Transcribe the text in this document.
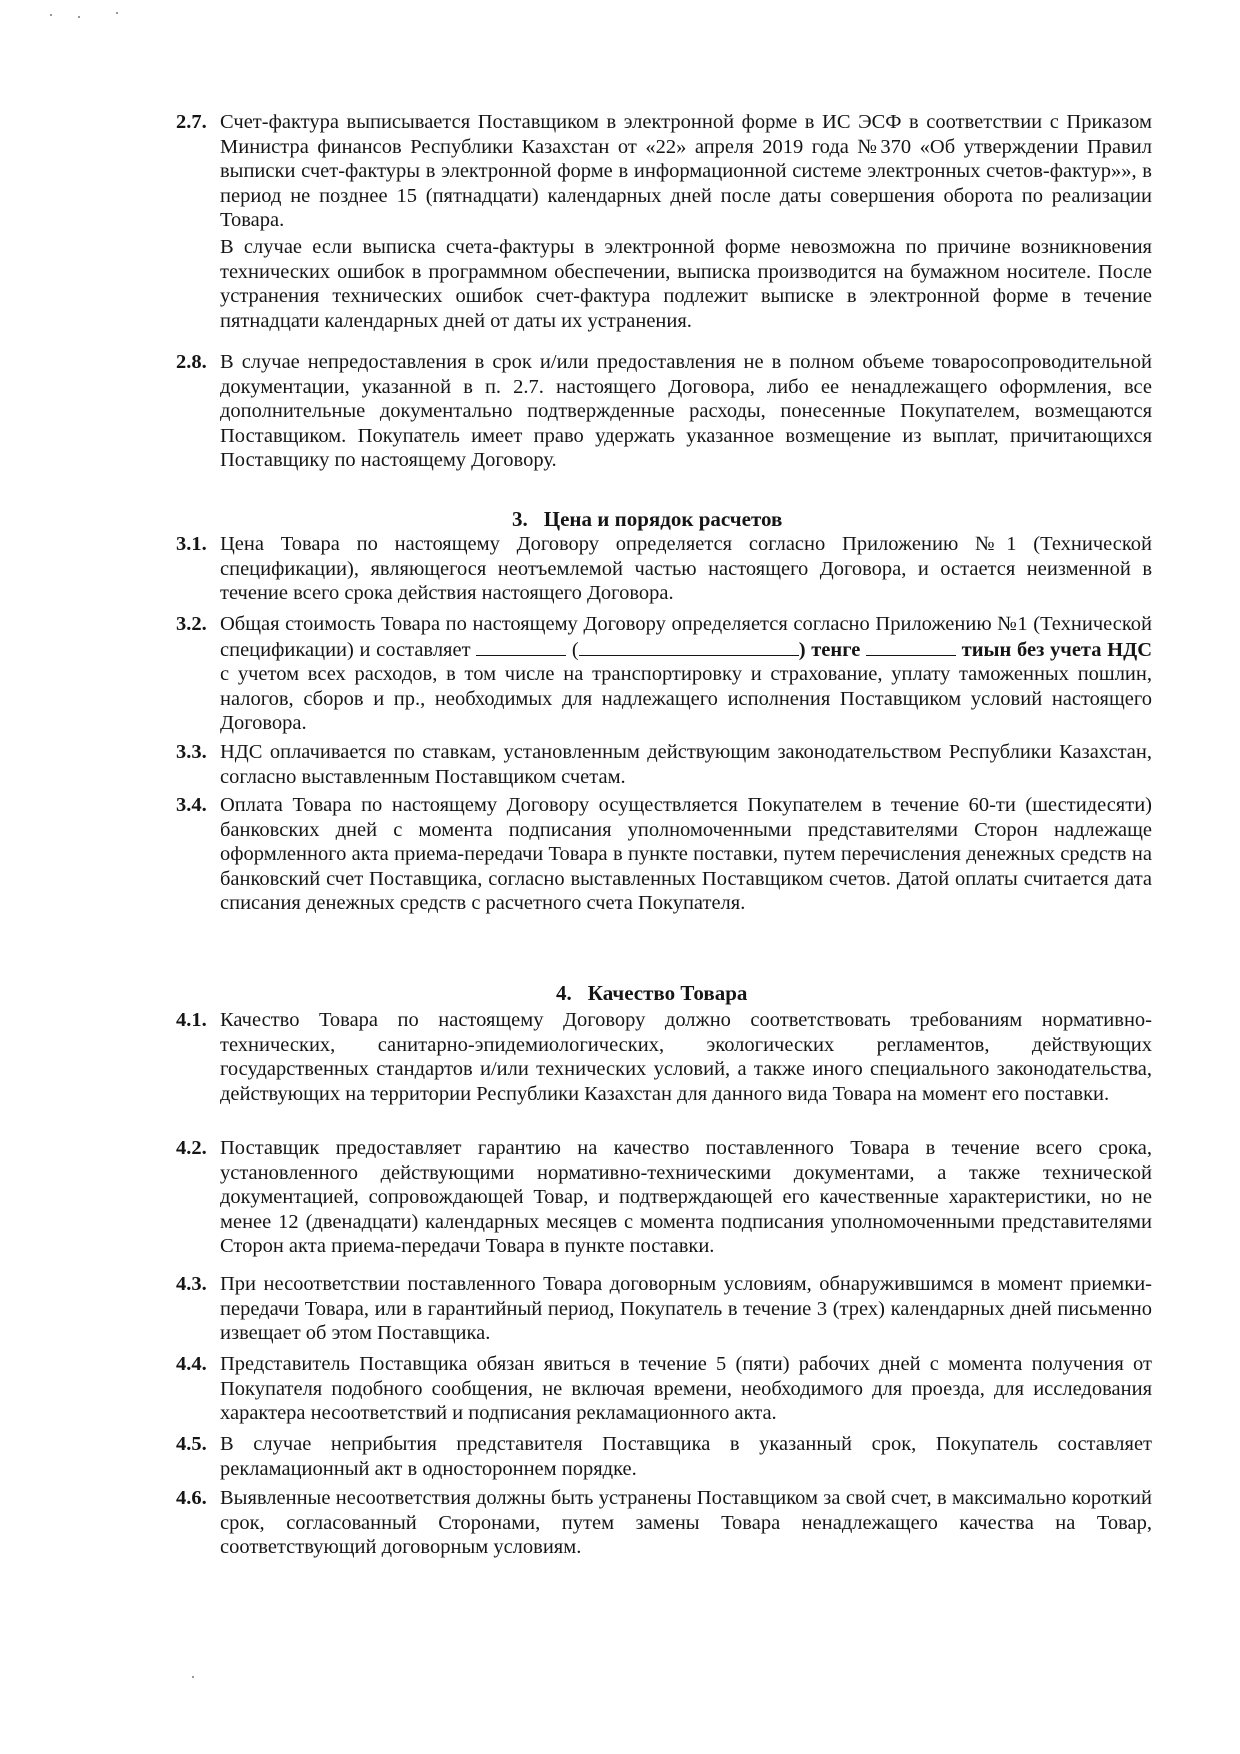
2.7. Счет-фактура выписывается Поставщиком в электронной форме в ИС ЭСФ в соответствии с Приказом Министра финансов Республики Казахстан от «22» апреля 2019 года №370 «Об утверждении Правил выписки счет-фактуры в электронной форме в информационной системе электронных счетов-фактур»», в период не позднее 15 (пятнадцати) календарных дней после даты совершения оборота по реализации Товара.

В случае если выписка счета-фактуры в электронной форме невозможна по причине возникновения технических ошибок в программном обеспечении, выписка производится на бумажном носителе. После устранения технических ошибок счет-фактура подлежит выписке в электронной форме в течение пятнадцати календарных дней от даты их устранения.

2.8. В случае непредоставления в срок и/или предоставления не в полном объеме товаросопроводительной документации, указанной в п. 2.7. настоящего Договора, либо ее ненадлежащего оформления, все дополнительные документально подтвержденные расходы, понесенные Покупателем, возмещаются Поставщиком. Покупатель имеет право удержать указанное возмещение из выплат, причитающихся Поставщику по настоящему Договору.

3. Цена и порядок расчетов
3.1. Цена Товара по настоящему Договору определяется согласно Приложению №1 (Технической спецификации), являющегося неотъемлемой частью настоящего Договора, и остается неизменной в течение всего срока действия настоящего Договора.

3.2. Общая стоимость Товара по настоящему Договору определяется согласно Приложению №1 (Технической спецификации) и составляет	(	) тенге	тиын без учета НДС с учетом всех расходов, в том числе на транспортировку и страхование, уплату таможенных пошлин, налогов, сборов и пр., необходимых для надлежащего исполнения Поставщиком условий настоящего Договора.

3.3. НДС оплачивается по ставкам, установленным действующим законодательством Республики Казахстан, согласно выставленным Поставщиком счетам.

3.4. Оплата Товара по настоящему Договору осуществляется Покупателем в течение 60-ти (шестидесяти) банковских дней с момента подписания уполномоченными представителями Сторон надлежаще оформленного акта приема-передачи Товара в пункте поставки, путем перечисления денежных средств на банковский счет Поставщика, согласно выставленных Поставщиком счетов. Датой оплаты считается дата списания денежных средств с расчетного счета Покупателя.

4. Качество Товара
4.1. Качество Товара по настоящему Договору должно соответствовать требованиям нормативно-технических, санитарно-эпидемиологических, экологических регламентов, действующих государственных стандартов и/или технических условий, а также иного специального законодательства, действующих на территории Республики Казахстан для данного вида Товара на момент его поставки.

4.2. Поставщик предоставляет гарантию на качество поставленного Товара в течение всего срока, установленного действующими нормативно-техническими документами, а также технической документацией, сопровождающей Товар, и подтверждающей его качественные характеристики, но не менее 12 (двенадцати) календарных месяцев с момента подписания уполномоченными представителями Сторон акта приема-передачи Товара в пункте поставки.

4.3. При несоответствии поставленного Товара договорным условиям, обнаружившимся в момент приемки-передачи Товара, или в гарантийный период, Покупатель в течение 3 (трех) календарных дней письменно извещает об этом Поставщика.

4.4. Представитель Поставщика обязан явиться в течение 5 (пяти) рабочих дней с момента получения от Покупателя подобного сообщения, не включая времени, необходимого для проезда, для исследования характера несоответствий и подписания рекламационного акта.

4.5. В случае неприбытия представителя Поставщика в указанный срок, Покупатель составляет рекламационный акт в одностороннем порядке.

4.6. Выявленные несоответствия должны быть устранены Поставщиком за свой счет, в максимально короткий срок, согласованный Сторонами, путем замены Товара ненадлежащего качества на Товар, соответствующий договорным условиям.
